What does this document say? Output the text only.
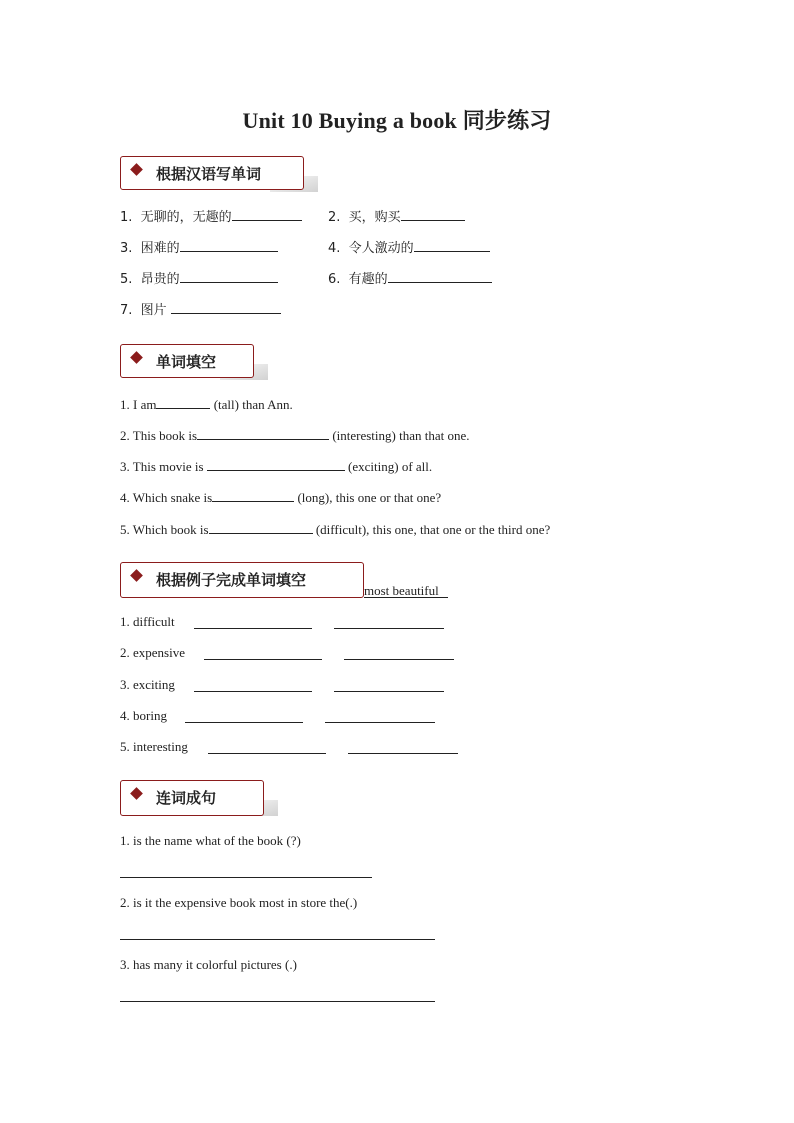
Unit 10 Buying a book 同步练习
根据汉语写单词
1. 无聊的，无趣的	2. 买，购买
3. 困难的	4. 令人激动的
5. 昂贵的	6. 有趣的
7. 图片
单词填空
1. I am	(tall) than Ann.
2. This book is	(interesting) than that one.
3. This movie is	(exciting) of all.
4. Which snake is	(long), this one or that one?
5. Which book is	(difficult), this one, that one or the third one?
根据例子完成单词填空
most beautiful
1. difficult
2. expensive
3. exciting
4. boring
5. interesting
连词成句
1. is the name what of the book (?)
2. is it the expensive book most in store the(.)
3. has many it colorful pictures (.)
